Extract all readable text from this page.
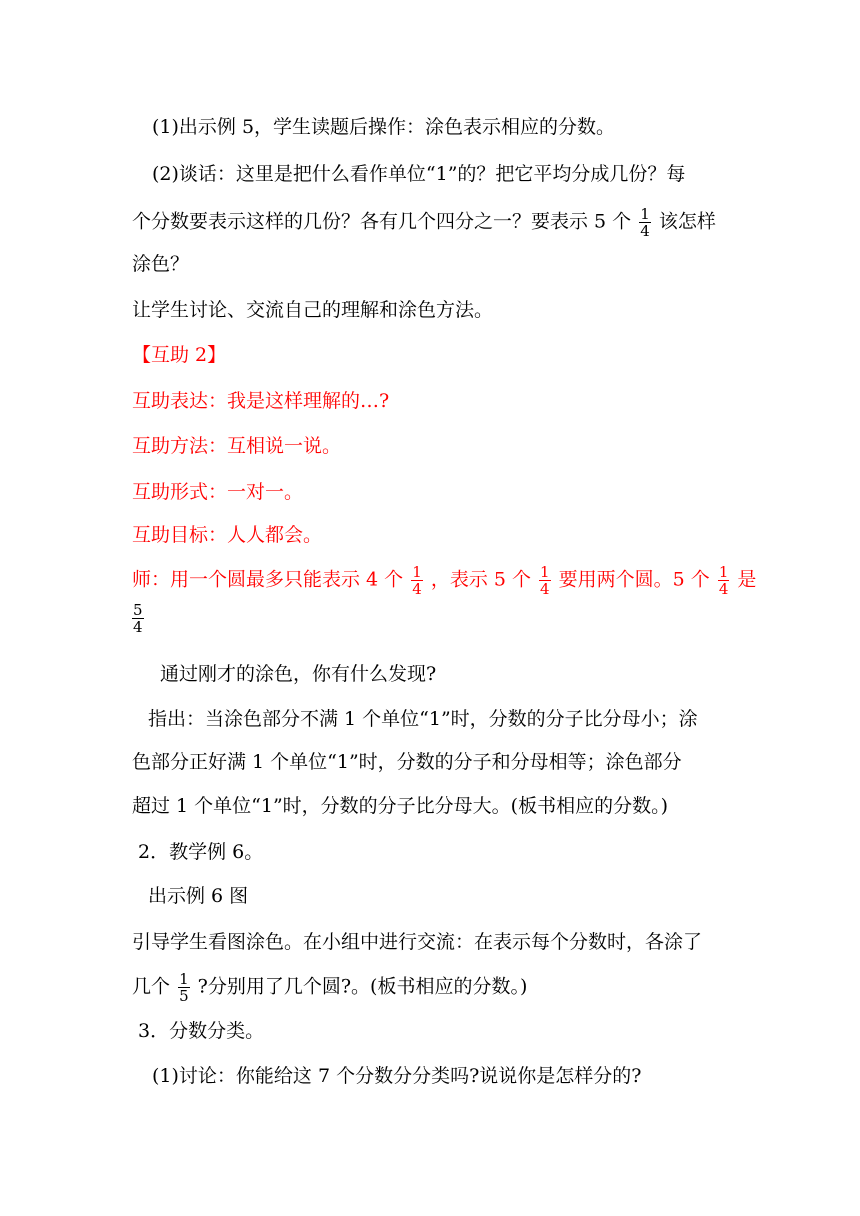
(1)出示例 5，学生读题后操作：涂色表示相应的分数。
(2)谈话：这里是把什么看作单位“1”的？把它平均分成几份？每
个分数要表示这样的几份？各有几个四分之一？要表示 5 个 $\frac{1}{4}$ 该怎样
涂色？
让学生讨论、交流自己的理解和涂色方法。
【互助 2】
互助表达：我是这样理解的…?
互助方法：互相说一说。
互助形式：一对一。
互助目标：人人都会。
师：用一个圆最多只能表示 4 个 $\frac{1}{4}$ ，表示 5 个 $\frac{1}{4}$ 要用两个圆。5 个 $\frac{1}{4}$ 是
$\frac{5}{4}$
通过刚才的涂色，你有什么发现?
指出：当涂色部分不满 1 个单位“1”时，分数的分子比分母小；涂
色部分正好满 1 个单位“1”时，分数的分子和分母相等；涂色部分
超过 1 个单位“1”时，分数的分子比分母大。(板书相应的分数。)
2．教学例 6。
出示例 6 图
引导学生看图涂色。在小组中进行交流：在表示每个分数时，各涂了
几个 $\frac{1}{5}$ ?分别用了几个圆?。(板书相应的分数。)
3．分数分类。
(1)讨论：你能给这 7 个分数分分类吗?说说你是怎样分的?
